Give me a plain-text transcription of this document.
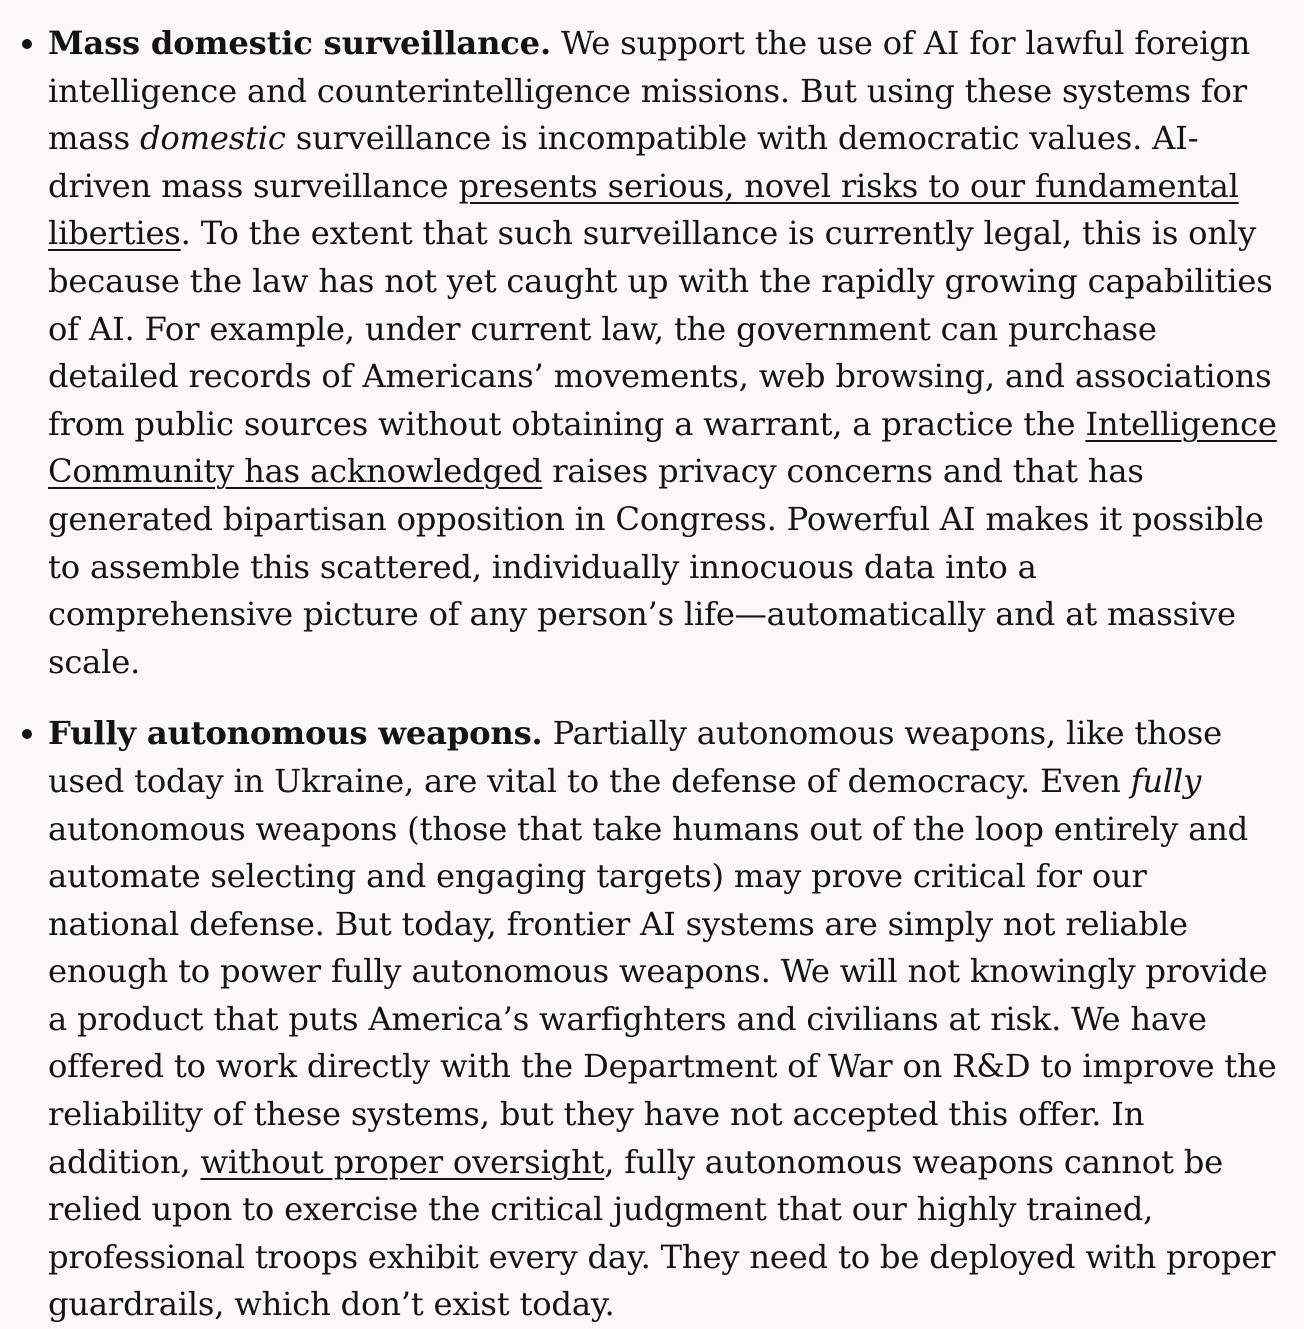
Mass domestic surveillance. We support the use of AI for lawful foreign intelligence and counterintelligence missions. But using these systems for mass domestic surveillance is incompatible with democratic values. AI-driven mass surveillance presents serious, novel risks to our fundamental liberties. To the extent that such surveillance is currently legal, this is only because the law has not yet caught up with the rapidly growing capabilities of AI. For example, under current law, the government can purchase detailed records of Americans’ movements, web browsing, and associations from public sources without obtaining a warrant, a practice the Intelligence Community has acknowledged raises privacy concerns and that has generated bipartisan opposition in Congress. Powerful AI makes it possible to assemble this scattered, individually innocuous data into a comprehensive picture of any person’s life—automatically and at massive scale.
Fully autonomous weapons. Partially autonomous weapons, like those used today in Ukraine, are vital to the defense of democracy. Even fully autonomous weapons (those that take humans out of the loop entirely and automate selecting and engaging targets) may prove critical for our national defense. But today, frontier AI systems are simply not reliable enough to power fully autonomous weapons. We will not knowingly provide a product that puts America’s warfighters and civilians at risk. We have offered to work directly with the Department of War on R&D to improve the reliability of these systems, but they have not accepted this offer. In addition, without proper oversight, fully autonomous weapons cannot be relied upon to exercise the critical judgment that our highly trained, professional troops exhibit every day. They need to be deployed with proper guardrails, which don’t exist today.
